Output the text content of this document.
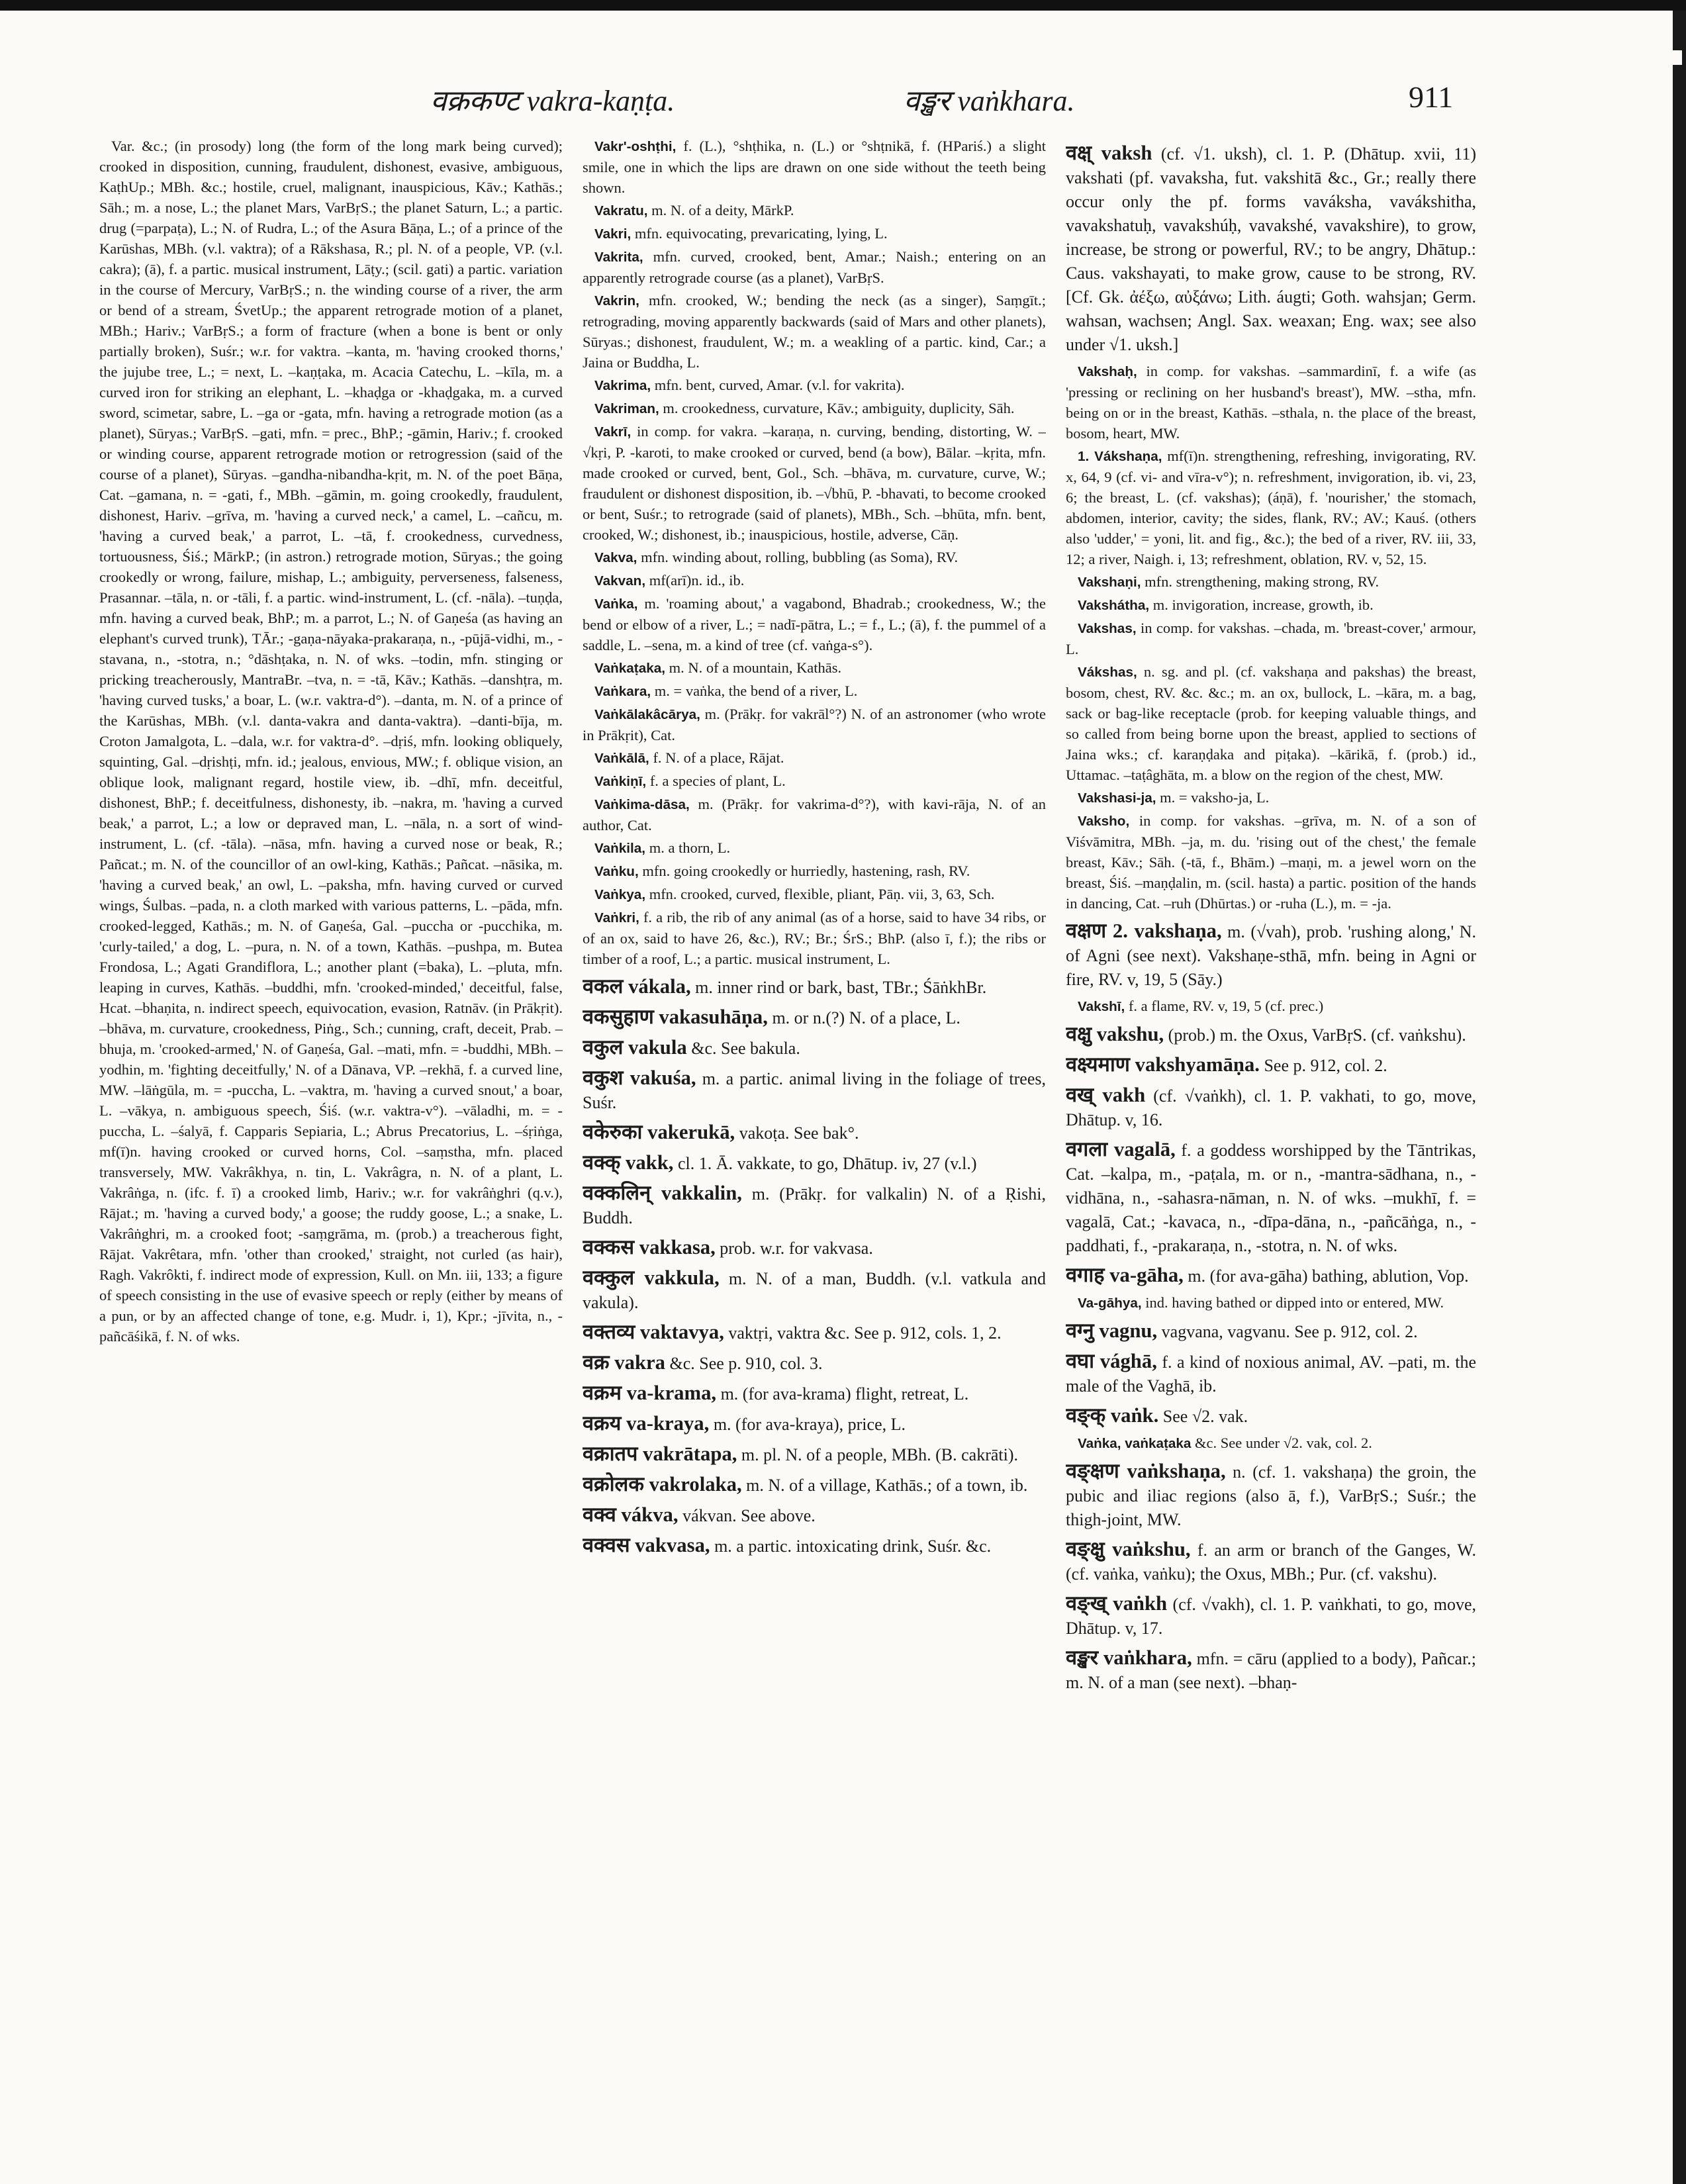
वक्रकण्ट vakra-kaṇṭa.	वङ्खर vaṅkhara.	911

Var. &c.; (in prosody) long (the form of the long mark being curved); crooked in disposition, cunning, fraudulent, dishonest, evasive, ambiguous, KaṭhUp.; MBh. &c.; hostile, cruel, malignant, inauspicious, Kāv.; Kathās.; Sāh.; m. a nose, L.; the planet Mars, VarBṛS.; the planet Saturn, L.; a partic. drug (=parpaṭa), L.; N. of Rudra, L.; of the Asura Bāṇa, L.; of a prince of the Karūshas, MBh. (v.l. vaktra); of a Rākshasa, R.; pl. N. of a people, VP. (v.l. cakra); (ā), f. a partic. musical instrument, Lāṭy.; (scil. gati) a partic. variation in the course of Mercury, VarBṛS.; n. the winding course of a river, the arm or bend of a stream, ŚvetUp.; the apparent retrograde motion of a planet, MBh.; Hariv.; VarBṛS.; a form of fracture (when a bone is bent or only partially broken), Suśr.; w.r. for vaktra. –kanta, m. 'having crooked thorns,' the jujube tree, L.; = next, L. –kaṇṭaka, m. Acacia Catechu, L. –kīla, m. a curved iron for striking an elephant, L. –khaḍga or -khaḍgaka, m. a curved sword, scimetar, sabre, L. –ga or -gata, mfn. having a retrograde motion (as a planet), Sūryas.; VarBṛS. –gati, mfn. = prec., BhP.; -gāmin, Hariv.; f. crooked or winding course, apparent retrograde motion or retrogression (said of the course of a planet), Sūryas. –gandha-nibandha-kṛit, m. N. of the poet Bāṇa, Cat. –gamana, n. = -gati, f., MBh. –gāmin, m. going crookedly, fraudulent, dishonest, Hariv. –grīva, m. 'having a curved neck,' a camel, L. –cañcu, m. 'having a curved beak,' a parrot, L. –tā, f. crookedness, curvedness, tortuousness, Śiś.; MārkP.; (in astron.) retrograde motion, Sūryas.; the going crookedly or wrong, failure, mishap, L.; ambiguity, perverseness, falseness, Prasannar. –tāla, n. or -tāli, f. a partic. wind-instrument, L. (cf. -nāla). –tuṇḍa, mfn. having a curved beak, BhP.; m. a parrot, L.; N. of Gaṇeśa (as having an elephant's curved trunk), TĀr.; -gaṇa-nāyaka-prakaraṇa, n., -pūjā-vidhi, m., -stavana, n., -stotra, n.; °dāshṭaka, n. N. of wks. –todin, mfn. stinging or pricking treacherously, MantraBr. –tva, n. = -tā, Kāv.; Kathās. –danshṭra, m. 'having curved tusks,' a boar, L. (w.r. vaktra-d°). –danta, m. N. of a prince of the Karūshas, MBh. (v.l. danta-vakra and danta-vaktra). –danti-bīja, m. Croton Jamalgota, L. –dala, w.r. for vaktra-d°. –dṛiś, mfn. looking obliquely, squinting, Gal. –dṛishṭi, mfn. id.; jealous, envious, MW.; f. oblique vision, an oblique look, malignant regard, hostile view, ib. –dhī, mfn. deceitful, dishonest, BhP.; f. deceitfulness, dishonesty, ib. –nakra, m. 'having a curved beak,' a parrot, L.; a low or depraved man, L. –nāla, n. a sort of wind-instrument, L. (cf. -tāla). –nāsa, mfn. having a curved nose or beak, R.; Pañcat.; m. N. of the councillor of an owl-king, Kathās.; Pañcat. –nāsika, m. 'having a curved beak,' an owl, L. –paksha, mfn. having curved or curved wings, Śulbas. –pada, n. a cloth marked with various patterns, L. –pāda, mfn. crooked-legged, Kathās.; m. N. of Gaṇeśa, Gal. –puccha or -pucchika, m. 'curly-tailed,' a dog, L. –pura, n. N. of a town, Kathās. –pushpa, m. Butea Frondosa, L.; Agati Grandiflora, L.; another plant (=baka), L. –pluta, mfn. leaping in curves, Kathās. –buddhi, mfn. 'crooked-minded,' deceitful, false, Hcat. –bhaṇita, n. indirect speech, equivocation, evasion, Ratnāv. (in Prākṛit). –bhāva, m. curvature, crookedness, Piṅg., Sch.; cunning, craft, deceit, Prab. –bhuja, m. 'crooked-armed,' N. of Gaṇeśa, Gal. –mati, mfn. = -buddhi, MBh. –yodhin, m. 'fighting deceitfully,' N. of a Dānava, VP. –rekhā, f. a curved line, MW. –lāṅgūla, m. = -puccha, L. –vaktra, m. 'having a curved snout,' a boar, L. –vākya, n. ambiguous speech, Śiś. (w.r. vaktra-v°). –vāladhi, m. = -puccha, L. –śalyā, f. Capparis Sepiaria, L.; Abrus Precatorius, L. –śṛiṅga, mf(ī)n. having crooked or curved horns, Col. –saṃstha, mfn. placed transversely, MW. Vakrâkhya, n. tin, L. Vakrâgra, n. N. of a plant, L. Vakrâṅga, n. (ifc. f. ī) a crooked limb, Hariv.; w.r. for vakrâṅghri (q.v.), Rājat.; m. 'having a curved body,' a goose; the ruddy goose, L.; a snake, L. Vakrâṅghri, m. a crooked foot; -saṃgrāma, m. (prob.) a treacherous fight, Rājat. Vakrêtara, mfn. 'other than crooked,' straight, not curled (as hair), Ragh. Vakrôkti, f. indirect mode of expression, Kull. on Mn. iii, 133; a figure of speech consisting in the use of evasive speech or reply (either by means of a pun, or by an affected change of tone, e.g. Mudr. i, 1), Kpr.; -jīvita, n., -pañcāśikā, f. N. of wks.

Vakr'-oshṭhi, f. (L.), °shṭhika, n. (L.) or °shṭnikā, f. (HPariś.) a slight smile, one in which the lips are drawn on one side without the teeth being shown.

Vakratu, m. N. of a deity, MārkP.

Vakri, mfn. equivocating, prevaricating, lying, L.

Vakrita, mfn. curved, crooked, bent, Amar.; Naish.; entering on an apparently retrograde course (as a planet), VarBṛS.

Vakrin, mfn. crooked, W.; bending the neck (as a singer), Saṃgīt.; retrograding, moving apparently backwards (said of Mars and other planets), Sūryas.; dishonest, fraudulent, W.; m. a weakling of a partic. kind, Car.; a Jaina or Buddha, L.

Vakrima, mfn. bent, curved, Amar. (v.l. for vakrita).

Vakriman, m. crookedness, curvature, Kāv.; ambiguity, duplicity, Sāh.

Vakrī, in comp. for vakra. –karaṇa, n. curving, bending, distorting, W. –√kṛi, P. -karoti, to make crooked or curved, bend (a bow), Bālar. –kṛita, mfn. made crooked or curved, bent, Gol., Sch. –bhāva, m. curvature, curve, W.; fraudulent or dishonest disposition, ib. –√bhū, P. -bhavati, to become crooked or bent, Suśr.; to retrograde (said of planets), MBh., Sch. –bhūta, mfn. bent, crooked, W.; dishonest, ib.; inauspicious, hostile, adverse, Cāṇ.

Vakva, mfn. winding about, rolling, bubbling (as Soma), RV.

Vakvan, mf(arī)n. id., ib.

Vaṅka, m. 'roaming about,' a vagabond, Bhadrab.; crookedness, W.; the bend or elbow of a river, L.; = nadī-pātra, L.; = f., L.; (ā), f. the pummel of a saddle, L. –sena, m. a kind of tree (cf. vaṅga-s°).

Vaṅkaṭaka, m. N. of a mountain, Kathās.

Vaṅkara, m. = vaṅka, the bend of a river, L.

Vaṅkālakâcārya, m. (Prākṛ. for vakrāl°?) N. of an astronomer (who wrote in Prākṛit), Cat.

Vaṅkālā, f. N. of a place, Rājat.

Vaṅkiṇī, f. a species of plant, L.

Vaṅkima-dāsa, m. (Prākṛ. for vakrima-d°?), with kavi-rāja, N. of an author, Cat.

Vaṅkila, m. a thorn, L.

Vaṅku, mfn. going crookedly or hurriedly, hastening, rash, RV.

Vaṅkya, mfn. crooked, curved, flexible, pliant, Pāṇ. vii, 3, 63, Sch.

Vaṅkri, f. a rib, the rib of any animal (as of a horse, said to have 34 ribs, or of an ox, said to have 26, &c.), RV.; Br.; ŚrS.; BhP. (also ī, f.); the ribs or timber of a roof, L.; a partic. musical instrument, L.

वकल vákala, m. inner rind or bark, bast, TBr.; ŚāṅkhBr.

वकसुहाण vakasuhāṇa, m. or n.(?) N. of a place, L.

वकुल vakula &c. See bakula.

वकुश vakuśa, m. a partic. animal living in the foliage of trees, Suśr.

वकेरुका vakerukā, vakoṭa. See bak°.

वक्क् vakk, cl. 1. Ā. vakkate, to go, Dhātup. iv, 27 (v.l.)

वक्कलिन् vakkalin, m. (Prākṛ. for valkalin) N. of a Ṛishi, Buddh.

वक्कस vakkasa, prob. w.r. for vakvasa.

वक्कुल vakkula, m. N. of a man, Buddh. (v.l. vatkula and vakula).

वक्तव्य vaktavya, vaktṛi, vaktra &c. See p. 912, cols. 1, 2.

वक्र vakra &c. See p. 910, col. 3.

वक्रम va-krama, m. (for ava-krama) flight, retreat, L.

वक्रय va-kraya, m. (for ava-kraya), price, L.

वक्रातप vakrātapa, m. pl. N. of a people, MBh. (B. cakrāti).

वक्रोलक vakrolaka, m. N. of a village, Kathās.; of a town, ib.

वक्व vákva, vákvan. See above.

वक्वस vakvasa, m. a partic. intoxicating drink, Suśr. &c.

वक्ष् vaksh (cf. √1. uksh), cl. 1. P. (Dhātup. xvii, 11) vakshati (pf. vavaksha, fut. vakshitā &c., Gr.; really there occur only the pf. forms vavákshа, vavákshitha, vavakshatuḥ, vavakshúḥ, vavakshé, vavakshire), to grow, increase, be strong or powerful, RV.; to be angry, Dhātup.: Caus. vakshayati, to make grow, cause to be strong, RV. [Cf. Gk. ἀέξω, αὐξάνω; Lith. áugti; Goth. wahsjan; Germ. wahsan, wachsen; Angl. Sax. weaxan; Eng. wax; see also under √1. uksh.]

Vakshaḥ, in comp. for vakshas. –sammardinī, f. a wife (as 'pressing or reclining on her husband's breast'), MW. –stha, mfn. being on or in the breast, Kathās. –sthala, n. the place of the breast, bosom, heart, MW.

1. Vákshaṇa, mf(ī)n. strengthening, refreshing, invigorating, RV. x, 64, 9 (cf. vi- and vīra-v°); n. refreshment, invigoration, ib. vi, 23, 6; the breast, L. (cf. vakshas); (áṇā), f. 'nourisher,' the stomach, abdomen, interior, cavity; the sides, flank, RV.; AV.; Kauś. (others also 'udder,' = yoni, lit. and fig., &c.); the bed of a river, RV. iii, 33, 12; a river, Naigh. i, 13; refreshment, oblation, RV. v, 52, 15.

Vakshaṇi, mfn. strengthening, making strong, RV.

Vakshátha, m. invigoration, increase, growth, ib.

Vakshas, in comp. for vakshas. –chada, m. 'breast-cover,' armour, L.

Vákshas, n. sg. and pl. (cf. vakshaṇa and pakshas) the breast, bosom, chest, RV. &c. &c.; m. an ox, bullock, L. –kāra, m. a bag, sack or bag-like receptacle (prob. for keeping valuable things, and so called from being borne upon the breast, applied to sections of Jaina wks.; cf. karaṇḍaka and piṭaka). –kārikā, f. (prob.) id., Uttamac. –taṭâghāta, m. a blow on the region of the chest, MW.

Vakshasi-ja, m. = vaksho-ja, L.

Vaksho, in comp. for vakshas. –grīva, m. N. of a son of Viśvāmitra, MBh. –ja, m. du. 'rising out of the chest,' the female breast, Kāv.; Sāh. (-tā, f., Bhām.) –maṇi, m. a jewel worn on the breast, Śiś. –maṇḍalin, m. (scil. hasta) a partic. position of the hands in dancing, Cat. –ruh (Dhūrtas.) or -ruha (L.), m. = -ja.

वक्षण 2. vakshaṇa, m. (√vah), prob. 'rushing along,' N. of Agni (see next). Vakshaṇe-sthā, mfn. being in Agni or fire, RV. v, 19, 5 (Sāy.)

Vakshī, f. a flame, RV. v, 19, 5 (cf. prec.)

वक्षु vakshu, (prob.) m. the Oxus, VarBṛS. (cf. vaṅkshu).

वक्ष्यमाण vakshyamāṇa. See p. 912, col. 2.

वख् vakh (cf. √vaṅkh), cl. 1. P. vakhati, to go, move, Dhātup. v, 16.

वगला vagalā, f. a goddess worshipped by the Tāntrikas, Cat. –kalpa, m., -paṭala, m. or n., -mantra-sādhana, n., -vidhāna, n., -sahasra-nāman, n. N. of wks. –mukhī, f. = vagalā, Cat.; -kavaca, n., -dīpa-dāna, n., -pañcāṅga, n., -paddhati, f., -prakaraṇa, n., -stotra, n. N. of wks.

वगाह va-gāha, m. (for ava-gāha) bathing, ablution, Vop.

Va-gāhya, ind. having bathed or dipped into or entered, MW.

वग्नु vagnu, vagvana, vagvanu. See p. 912, col. 2.

वघा vághā, f. a kind of noxious animal, AV. –pati, m. the male of the Vaghā, ib.

वङ्क् vaṅk. See √2. vak.

Vaṅka, vaṅkaṭaka &c. See under √2. vak, col. 2.

वङ्क्षण vaṅkshaṇa, n. (cf. 1. vakshaṇa) the groin, the pubic and iliac regions (also ā, f.), VarBṛS.; Suśr.; the thigh-joint, MW.

वङ्क्षु vaṅkshu, f. an arm or branch of the Ganges, W. (cf. vaṅka, vaṅku); the Oxus, MBh.; Pur. (cf. vakshu).

वङ्ख् vaṅkh (cf. √vakh), cl. 1. P. vaṅkhati, to go, move, Dhātup. v, 17.

वङ्खर vaṅkhara, mfn. = cāru (applied to a body), Pañcar.; m. N. of a man (see next). –bhaṇ-
